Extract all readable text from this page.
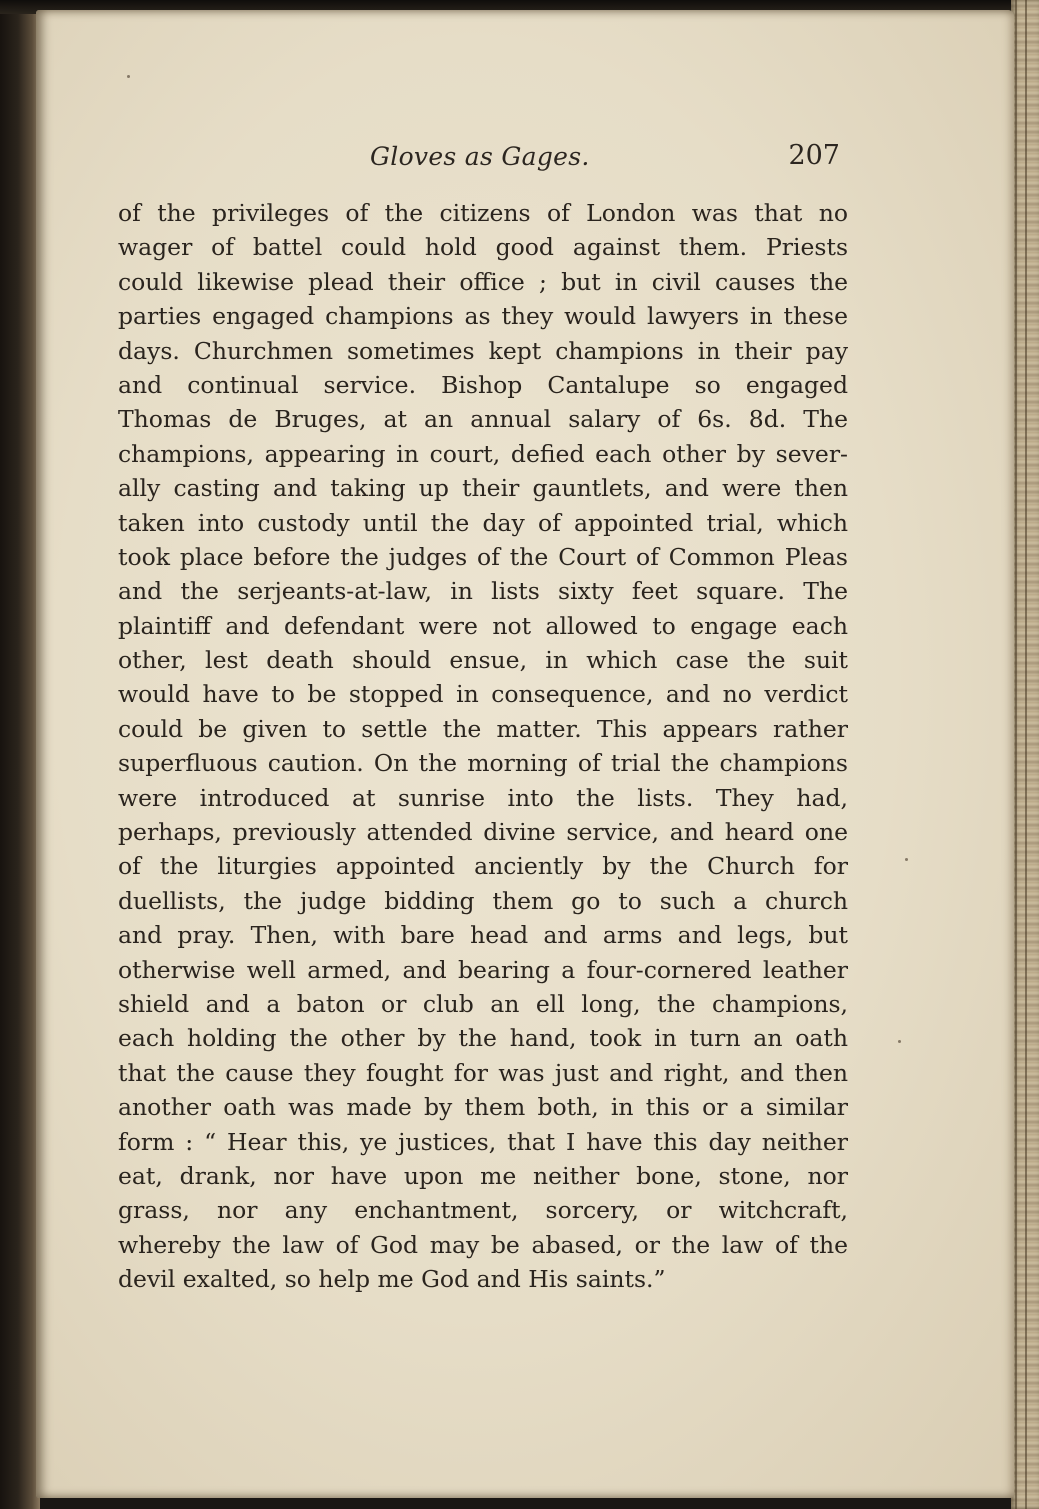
Gloves as Gages.	207
of the privileges of the citizens of London was that no
wager of battel could hold good against them. Priests
could likewise plead their office ; but in civil causes the
parties engaged champions as they would lawyers in these
days. Churchmen sometimes kept champions in their pay
and continual service. Bishop Cantalupe so engaged
Thomas de Bruges, at an annual salary of 6s. 8d. The
champions, appearing in court, defied each other by sever-
ally casting and taking up their gauntlets, and were then
taken into custody until the day of appointed trial, which
took place before the judges of the Court of Common Pleas
and the serjeants-at-law, in lists sixty feet square. The
plaintiff and defendant were not allowed to engage each
other, lest death should ensue, in which case the suit
would have to be stopped in consequence, and no verdict
could be given to settle the matter. This appears rather
superfluous caution. On the morning of trial the champions
were introduced at sunrise into the lists. They had,
perhaps, previously attended divine service, and heard one
of the liturgies appointed anciently by the Church for
duellists, the judge bidding them go to such a church
and pray. Then, with bare head and arms and legs, but
otherwise well armed, and bearing a four-cornered leather
shield and a baton or club an ell long, the champions,
each holding the other by the hand, took in turn an oath
that the cause they fought for was just and right, and then
another oath was made by them both, in this or a similar
form : “ Hear this, ye justices, that I have this day neither
eat, drank, nor have upon me neither bone, stone, nor
grass, nor any enchantment, sorcery, or witchcraft,
whereby the law of God may be abased, or the law of the
devil exalted, so help me God and His saints.”
